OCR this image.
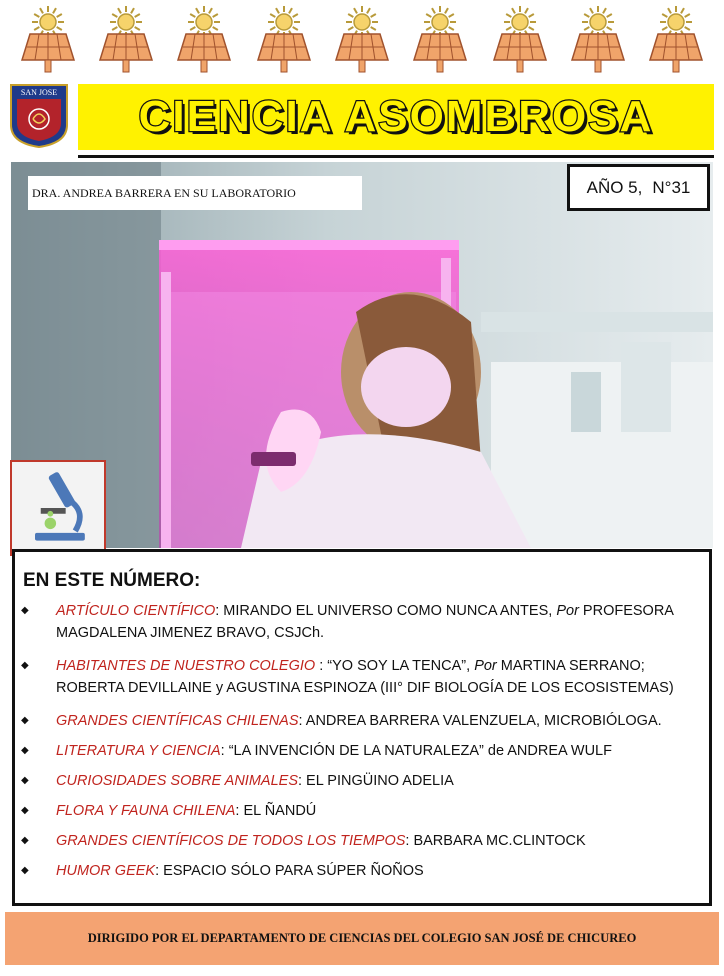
SAN JOSE CIENCIA ASOMBROSA
DRA. ANDREA BARRERA EN SU LABORATORIO	AÑO 5, N°31
EN ESTE NÚMERO:
◆ ARTÍCULO CIENTÍFICO: MIRANDO EL UNIVERSO COMO NUNCA ANTES, Por PROFESORA
MAGDALENA JIMENEZ BRAVO, CSJCh.
◆ HABITANTES DE NUESTRO COLEGIO : “YO SOY LA TENCA”, Por MARTINA SERRANO;
ROBERTA DEVILLAINE y AGUSTINA ESPINOZA (III° DIF BIOLOGÍA DE LOS ECOSISTEMAS)
◆ GRANDES CIENTÍFICAS CHILENAS: ANDREA BARRERA VALENZUELA, MICROBIÓLOGA.
◆ LITERATURA Y CIENCIA: “LA INVENCIÓN DE LA NATURALEZA” de ANDREA WULF
◆ CURIOSIDADES SOBRE ANIMALES: EL PINGÜINO ADELIA
◆ FLORA Y FAUNA CHILENA: EL ÑANDÚ
◆ GRANDES CIENTÍFICOS DE TODOS LOS TIEMPOS: BARBARA MC.CLINTOCK
◆ HUMOR GEEK: ESPACIO SÓLO PARA SÚPER ÑOÑOS
DIRIGIDO POR EL DEPARTAMENTO DE CIENCIAS DEL COLEGIO SAN JOSÉ DE CHICUREO
